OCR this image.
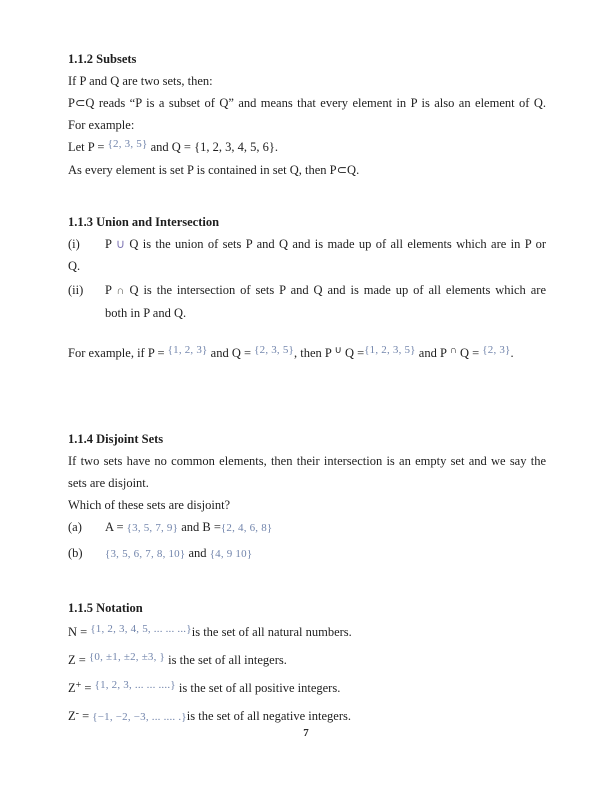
1.1.2 Subsets
If P and Q are two sets, then:
P⊂Q reads “P is a subset of Q” and means that every element in P is also an element of Q.
For example:
Let P = {2, 3, 5} and Q = {1, 2, 3, 4, 5, 6}.
As every element is set P is contained in set Q, then P⊂Q.
1.1.3 Union and Intersection
(i) P ∪ Q is the union of sets P and Q and is made up of all elements which are in P or
Q.
(ii) P ∩ Q is the intersection of sets P and Q and is made up of all elements which are
both in P and Q.
For example, if P = {1, 2, 3} and Q = {2, 3, 5}, then P ∪ Q ={1, 2, 3, 5} and P ∩ Q = {2, 3}.
1.1.4 Disjoint Sets
If two sets have no common elements, then their intersection is an empty set and we say the
sets are disjoint.
Which of these sets are disjoint?
(a) A = {3, 5, 7, 9} and B ={2, 4, 6, 8}
(b) {3, 5, 6, 7, 8, 10} and {4, 9 10}
1.1.5 Notation
N = {1, 2, 3, 4, 5, ... ... ...}is the set of all natural numbers.
Z = {0, ±1, ±2, ±3, } is the set of all integers.
Z+ = {1, 2, 3, ... ... ....} is the set of all positive integers.
Z- = {−1, −2, −3, ... .... .}is the set of all negative integers.
7
